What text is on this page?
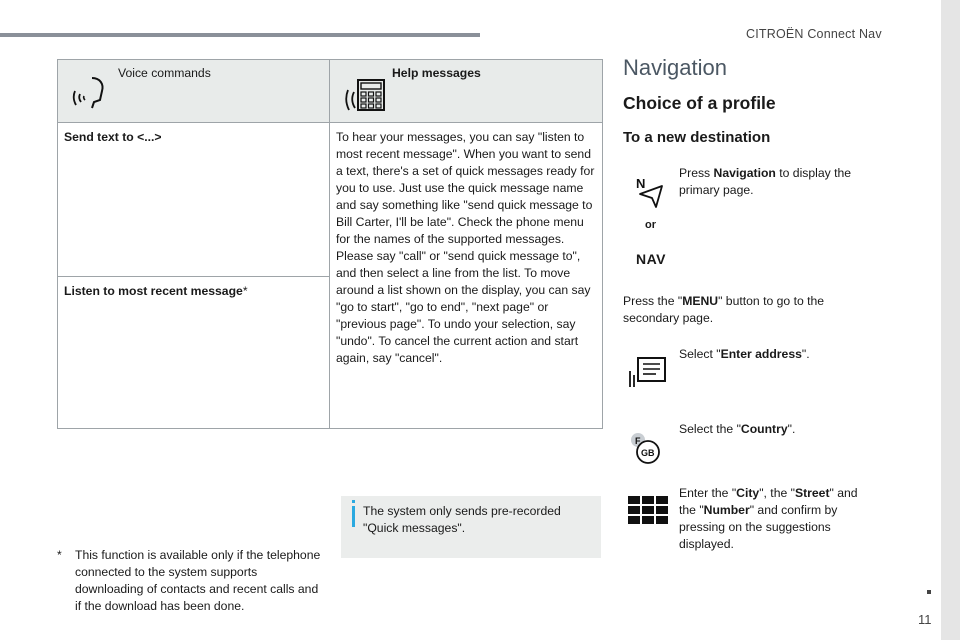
CITROËN Connect Nav
11
Voice commands	Help messages

Send text to <...>	To hear your messages, you can say "listen to most recent message". When you want to send a text, there's a set of quick messages ready for you to use. Just use the quick message name and say something like "send quick message to Bill Carter, I'll be late". Check the phone menu for the names of the supported messages.
Please say "call" or "send quick message to", and then select a line from the list. To move around a list shown on the display, you can say "go to start", "go to end", "next page" or "previous page". To undo your selection, say "undo". To cancel the current action and start again, say "cancel".

Listen to most recent message*	
The system only sends pre-recorded "Quick messages".
* This function is available only if the telephone connected to the system supports downloading of contacts and recent calls and if the download has been done.
Navigation
Choice of a profile
To a new destination
N
or
NAV
Press Navigation to display the primary page.
Press the "MENU" button to go to the secondary page.
Select "Enter address".
F
GB
Select the "Country".
Enter the "City", the "Street" and the "Number" and confirm by pressing on the suggestions displayed.
